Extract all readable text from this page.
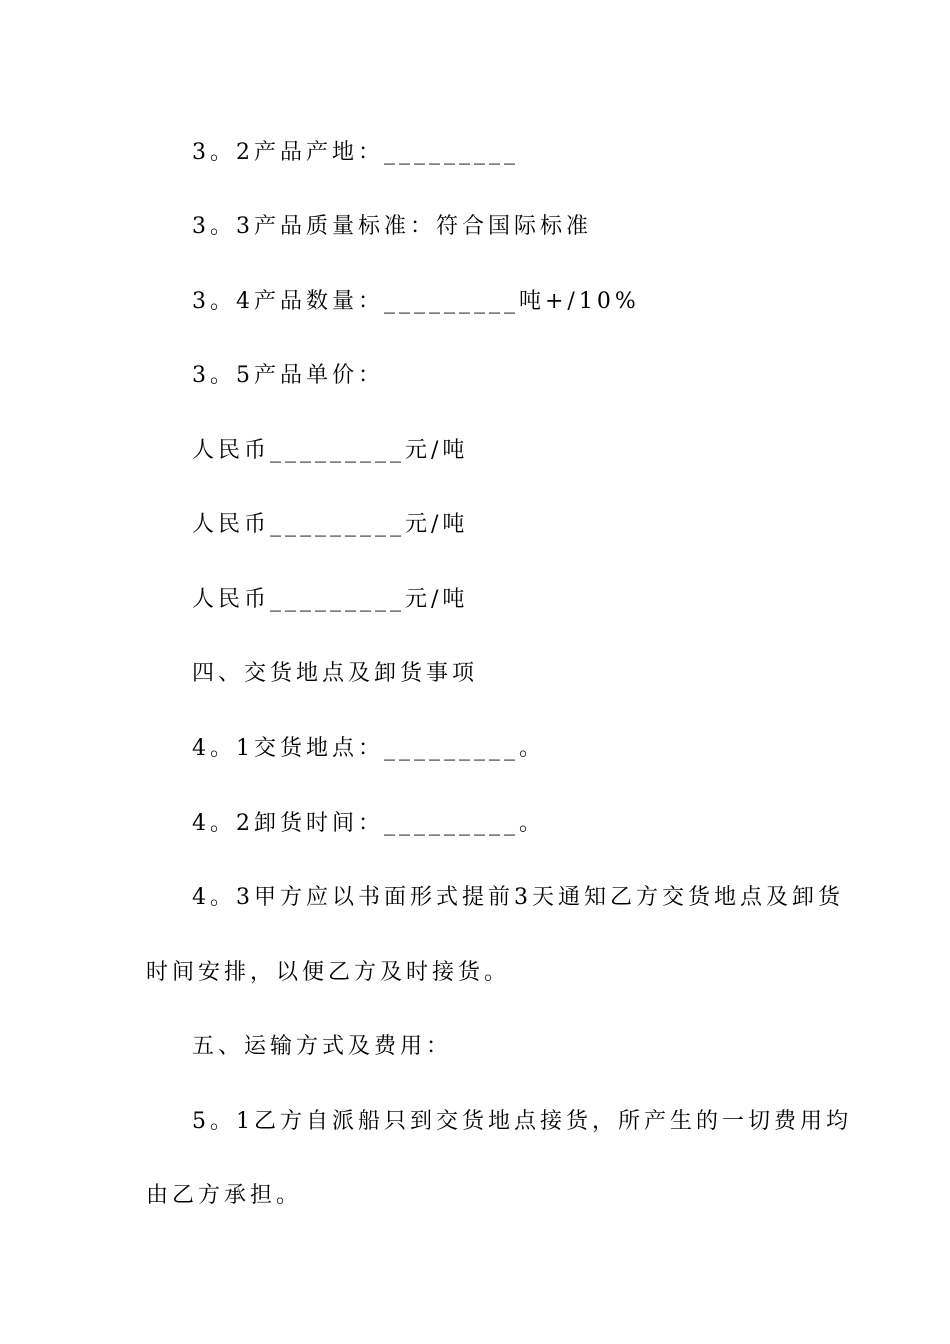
3。2产品产地：_________
3。3产品质量标准：符合国际标准
3。4产品数量：_________吨+/10%
3。5产品单价：
人民币_________元/吨
人民币_________元/吨
人民币_________元/吨
四、交货地点及卸货事项
4。1交货地点：_________。
4。2卸货时间：_________。
4。3甲方应以书面形式提前3天通知乙方交货地点及卸货
时间安排，以便乙方及时接货。
五、运输方式及费用：
5。1乙方自派船只到交货地点接货，所产生的一切费用均
由乙方承担。
